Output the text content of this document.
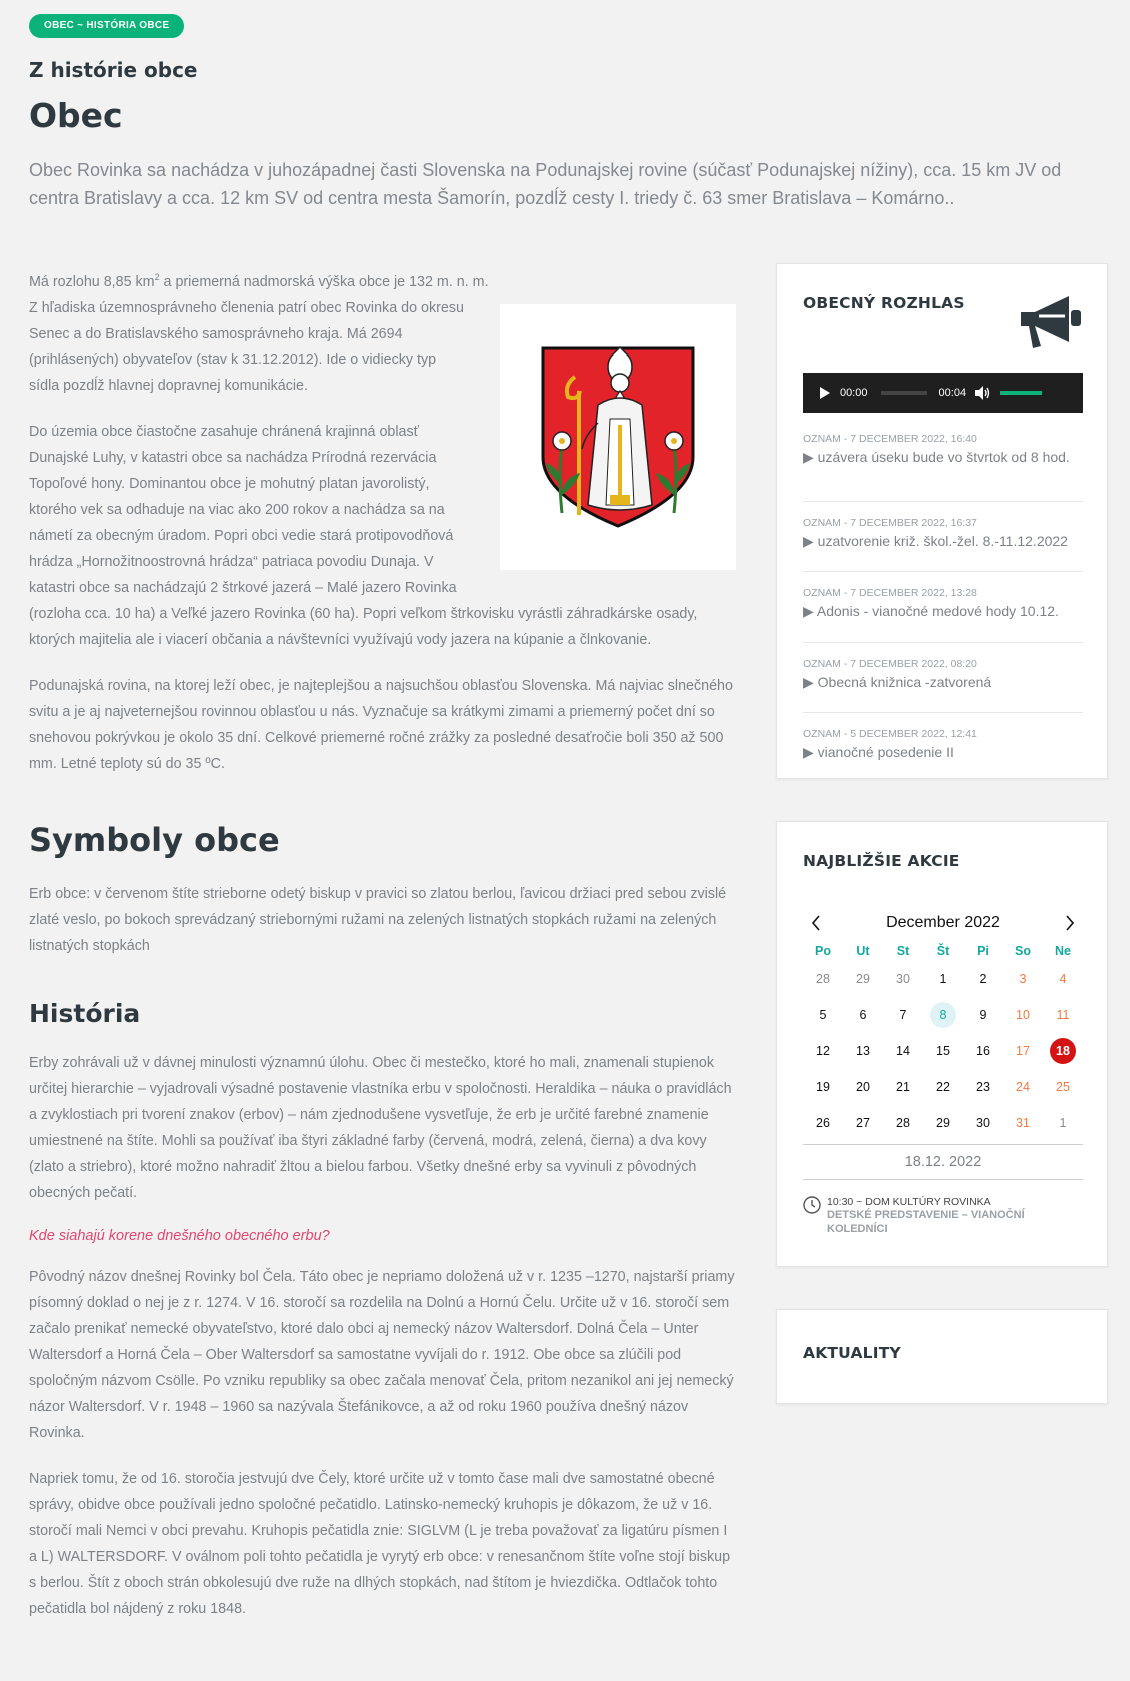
OBEC ~ HISTÓRIA OBCE
Z histórie obce
Obec

Obec Rovinka sa nachádza v juhozápadnej časti Slovenska na Podunajskej rovine (súčasť Podunajskej nížiny), cca. 15 km JV od centra Bratislavy a cca. 12 km SV od centra mesta Šamorín, pozdĺž cesty I. triedy č. 63 smer Bratislava – Komárno..

Má rozlohu 8,85 $km^2$ a priemerná nadmorská výška obce je 132 m. n. m.

Z hľadiska územnosprávneho členenia patrí obec Rovinka do okresu Senec a do Bratislavského samosprávneho kraja. Má 2694 (prihlásených) obyvateľov (stav k 31.12.2012). Ide o vidiecky typ sídla pozdĺž hlavnej dopravnej komunikácie.

Do územia obce čiastočne zasahuje chránená krajinná oblasť Dunajské Luhy, v katastri obce sa nachádza Prírodná rezervácia Topoľové hony. Dominantou obce je mohutný platan javorolistý, ktorého vek sa odhaduje na viac ako 200 rokov a nachádza sa na námetí za obecným úradom. Popri obci vedie stará protipovodňová hrádza „Hornožitnoostrovná hrádza“ patriaca povodiu Dunaja. V katastri obce sa nachádzajú 2 štrkové jazerá – Malé jazero Rovinka (rozloha cca. 10 ha) a Veľké jazero Rovinka (60 ha). Popri veľkom štrkovisku vyrástli záhradkárske osady, ktorých majitelia ale i viacerí občania a návštevníci využívajú vody jazera na kúpanie a člnkovanie.

Podunajská rovina, na ktorej leží obec, je najteplejšou a najsuchšou oblasťou Slovenska. Má najviac slnečného svitu a je aj najveternejšou rovinnou oblasťou u nás. Vyznačuje sa krátkymi zimami a priemerný počet dní so snehovou pokrývkou je okolo 35 dní. Celkové priemerné ročné zrážky za posledné desaťročie boli 350 až 500 mm. Letné teploty sú do 35 ºC.

Symboly obce

Erb obce: v červenom štíte strieborne odetý biskup v pravici so zlatou berlou, ľavicou držiaci pred sebou zvislé zlaté veslo, po bokoch sprevádzaný striebornými ružami na zelených listnatých stopkách ružami na zelených listnatých stopkách

História

Erby zohrávali už v dávnej minulosti významnú úlohu. Obec či mestečko, ktoré ho mali, znamenali stupienok určitej hierarchie – vyjadrovali výsadné postavenie vlastníka erbu v spoločnosti. Heraldika – náuka o pravidlách a zvyklostiach pri tvorení znakov (erbov) – nám zjednodušene vysvetľuje, že erb je určité farebné znamenie umiestnené na štíte. Mohli sa používať iba štyri základné farby (červená, modrá, zelená, čierna) a dva kovy (zlato a striebro), ktoré možno nahradiť žltou a bielou farbou. Všetky dnešné erby sa vyvinuli z pôvodných obecných pečatí.

Kde siahajú korene dnešného obecného erbu?

Pôvodný názov dnešnej Rovinky bol Čela. Táto obec je nepriamo doložená už v r. 1235 –1270, najstarší priamy písomný doklad o nej je z r. 1274. V 16. storočí sa rozdelila na Dolnú a Hornú Čelu. Určite už v 16. storočí sem začalo prenikať nemecké obyvateľstvo, ktoré dalo obci aj nemecký názov Waltersdorf. Dolná Čela – Unter Waltersdorf a Horná Čela – Ober Waltersdorf sa samostatne vyvíjali do r. 1912. Obe obce sa zlúčili pod spoločným názvom Csölle. Po vzniku republiky sa obec začala menovať Čela, pritom nezanikol ani jej nemecký názor Waltersdorf. V r. 1948 – 1960 sa nazývala Štefánikovce, a až od roku 1960 používa dnešný názov Rovinka.

Napriek tomu, že od 16. storočia jestvujú dve Čely, ktoré určite už v tomto čase mali dve samostatné obecné správy, obidve obce používali jedno spoločné pečatidlo. Latinsko-nemecký kruhopis je dôkazom, že už v 16. storočí mali Nemci v obci prevahu. Kruhopis pečatidla znie: SIGLVM (L je treba považovať za ligatúru písmen I a L) WALTERSDORF. V oválnom poli tohto pečatidla je vyrytý erb obce: v renesančnom štíte voľne stojí biskup s berlou. Štít z oboch strán obkolesujú dve ruže na dlhých stopkách, nad štítom je hviezdička. Odtlačok tohto pečatidla bol nájdený z roku 1848.

OBECNÝ ROZHLAS
00:00	00:04
OZNAM - 7 DECEMBER 2022, 16:40
▶ uzávera úseku bude vo štvrtok od 8 hod.
OZNAM - 7 DECEMBER 2022, 16:37
▶ uzatvorenie križ. škol.-žel. 8.-11.12.2022
OZNAM - 7 DECEMBER 2022, 13:28
▶ Adonis - vianočné medové hody 10.12.
OZNAM - 7 DECEMBER 2022, 08:20
▶ Obecná knižnica -zatvorená
OZNAM - 5 DECEMBER 2022, 12:41
▶ vianočné posedenie II
NAJBLIŽŠIE AKCIE
December 2022
Po	Ut	St	Št	Pi	So	Ne
28	29	30	1	2	3	4
5	6	7	8	9	10	11
12	13	14	15	16	17	18
19	20	21	22	23	24	25
26	27	28	29	30	31	1
18.12. 2022
10:30 ~ DOM KULTÚRY ROVINKA
DETSKÉ PREDSTAVENIE – VIANOČNÍ KOLEDNÍCI
AKTUALITY
